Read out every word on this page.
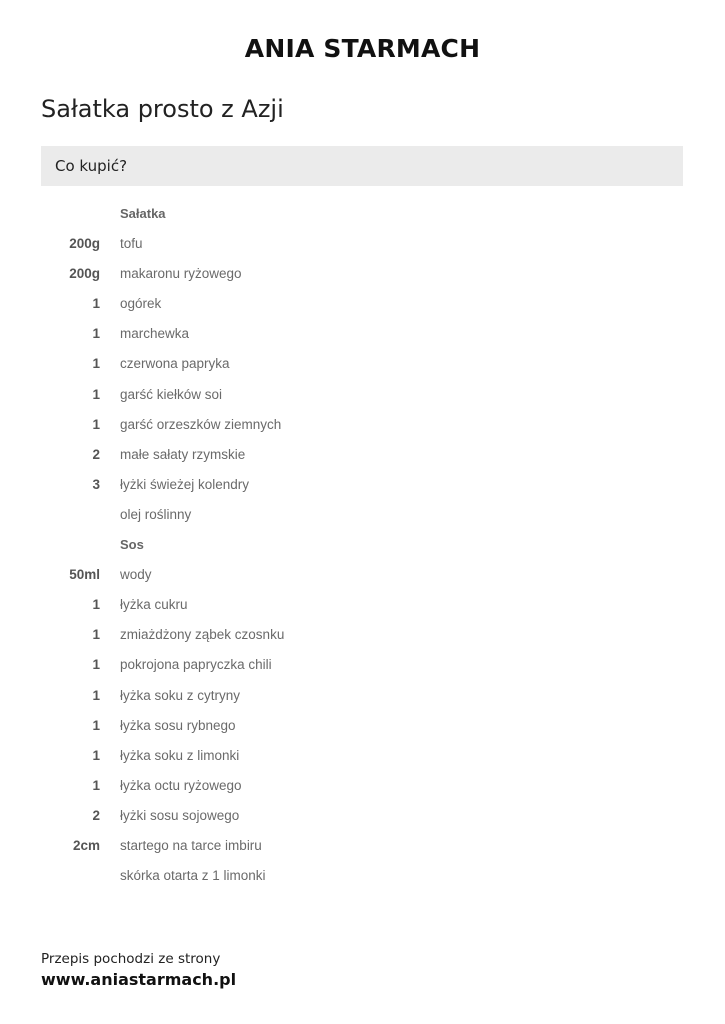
ANIA STARMACH
Sałatka prosto z Azji
Co kupić?
Sałatka
200g tofu
200g makaronu ryżowego
1 ogórek
1 marchewka
1 czerwona papryka
1 garść kiełków soi
1 garść orzeszków ziemnych
2 małe sałaty rzymskie
3 łyżki świeżej kolendry
olej roślinny
Sos
50ml wody
1 łyżka cukru
1 zmiażdżony ząbek czosnku
1 pokrojona papryczka chili
1 łyżka soku z cytryny
1 łyżka sosu rybnego
1 łyżka soku z limonki
1 łyżka octu ryżowego
2 łyżki sosu sojowego
2cm startego na tarce imbiru
skórka otarta z 1 limonki
Przepis pochodzi ze strony
www.aniastarmach.pl
